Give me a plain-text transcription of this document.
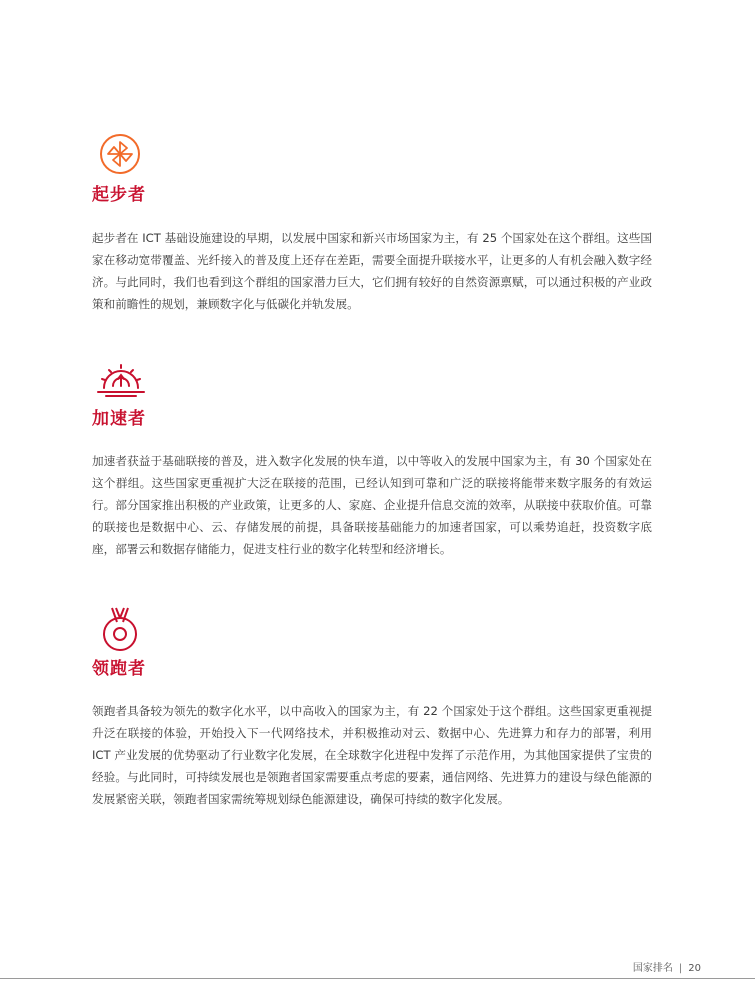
起步者

起步者在 ICT 基础设施建设的早期，以发展中国家和新兴市场国家为主，有 25 个国家处在这个群组。这些国家在移动宽带覆盖、光纤接入的普及度上还存在差距，需要全面提升联接水平，让更多的人有机会融入数字经济。与此同时，我们也看到这个群组的国家潜力巨大，它们拥有较好的自然资源禀赋，可以通过积极的产业政策和前瞻性的规划，兼顾数字化与低碳化并轨发展。

加速者

加速者获益于基础联接的普及，进入数字化发展的快车道，以中等收入的发展中国家为主，有 30 个国家处在这个群组。这些国家更重视扩大泛在联接的范围，已经认知到可靠和广泛的联接将能带来数字服务的有效运行。部分国家推出积极的产业政策，让更多的人、家庭、企业提升信息交流的效率，从联接中获取价值。可靠的联接也是数据中心、云、存储发展的前提，具备联接基础能力的加速者国家，可以乘势追赶，投资数字底座，部署云和数据存储能力，促进支柱行业的数字化转型和经济增长。

领跑者

领跑者具备较为领先的数字化水平，以中高收入的国家为主，有 22 个国家处于这个群组。这些国家更重视提升泛在联接的体验，开始投入下一代网络技术，并积极推动对云、数据中心、先进算力和存力的部署，利用 ICT 产业发展的优势驱动了行业数字化发展，在全球数字化进程中发挥了示范作用，为其他国家提供了宝贵的经验。与此同时，可持续发展也是领跑者国家需要重点考虑的要素，通信网络、先进算力的建设与绿色能源的发展紧密关联，领跑者国家需统筹规划绿色能源建设，确保可持续的数字化发展。

国家排名 | 20
